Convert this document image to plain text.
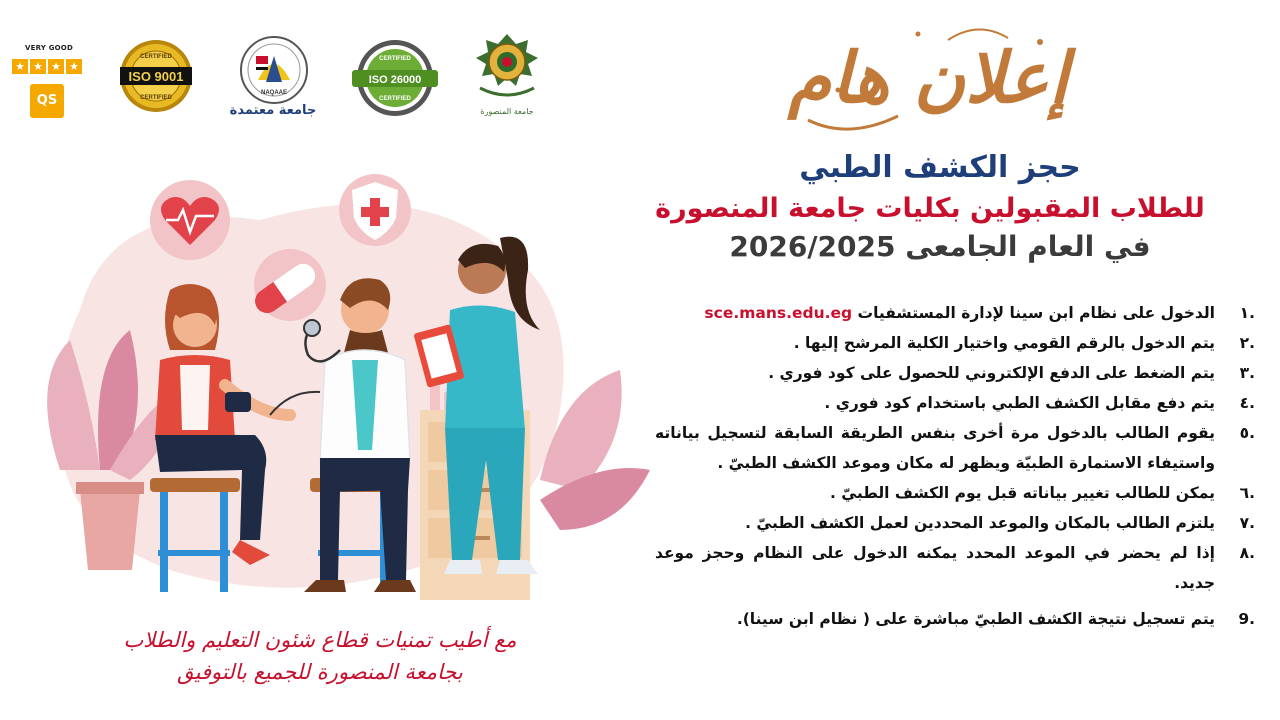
VERY GOOD
★ ★ ★ ★
QS
ISO 9001
CERTIFIED
CERTIFIED
NAQAAE
جامعة معتمدة
ISO 26000
CERTIFIED
CERTIFIED
جامعة المنصورة	إعلان هام
حجز الكشف الطبي
للطلاب المقبولين بكليات جامعة المنصورة
في العام الجامعى 2026/2025
.١
الدخول على نظام ابن سينا لإدارة المستشفيات sce.mans.edu.eg
.٢
يتم الدخول بالرقم القومي واختيار الكلية المرشح إليها .
.٣
يتم الضغط على الدفع الإلكتروني للحصول على كود فوري .
.٤
يتم دفع مقابل الكشف الطبي باستخدام كود فوري .
.٥
يقوم الطالب بالدخول مرة أخرى بنفس الطريقة السابقة لتسجيل بياناته واستيفاء الاستمارة الطبيّة ويظهر له مكان وموعد الكشف الطبيّ .
.٦
يمكن للطالب تغيير بياناته قبل يوم الكشف الطبيّ .
.٧
يلتزم الطالب بالمكان والموعد المحددين لعمل الكشف الطبيّ .
.٨
إذا لم يحضر في الموعد المحدد يمكنه الدخول على النظام وحجز موعد جديد.
.9
يتم تسجيل نتيجة الكشف الطبيّ مباشرة على ( نظام ابن سينا).
مع أطيب تمنيات قطاع شئون التعليم والطلاب
بجامعة المنصورة للجميع بالتوفيق
